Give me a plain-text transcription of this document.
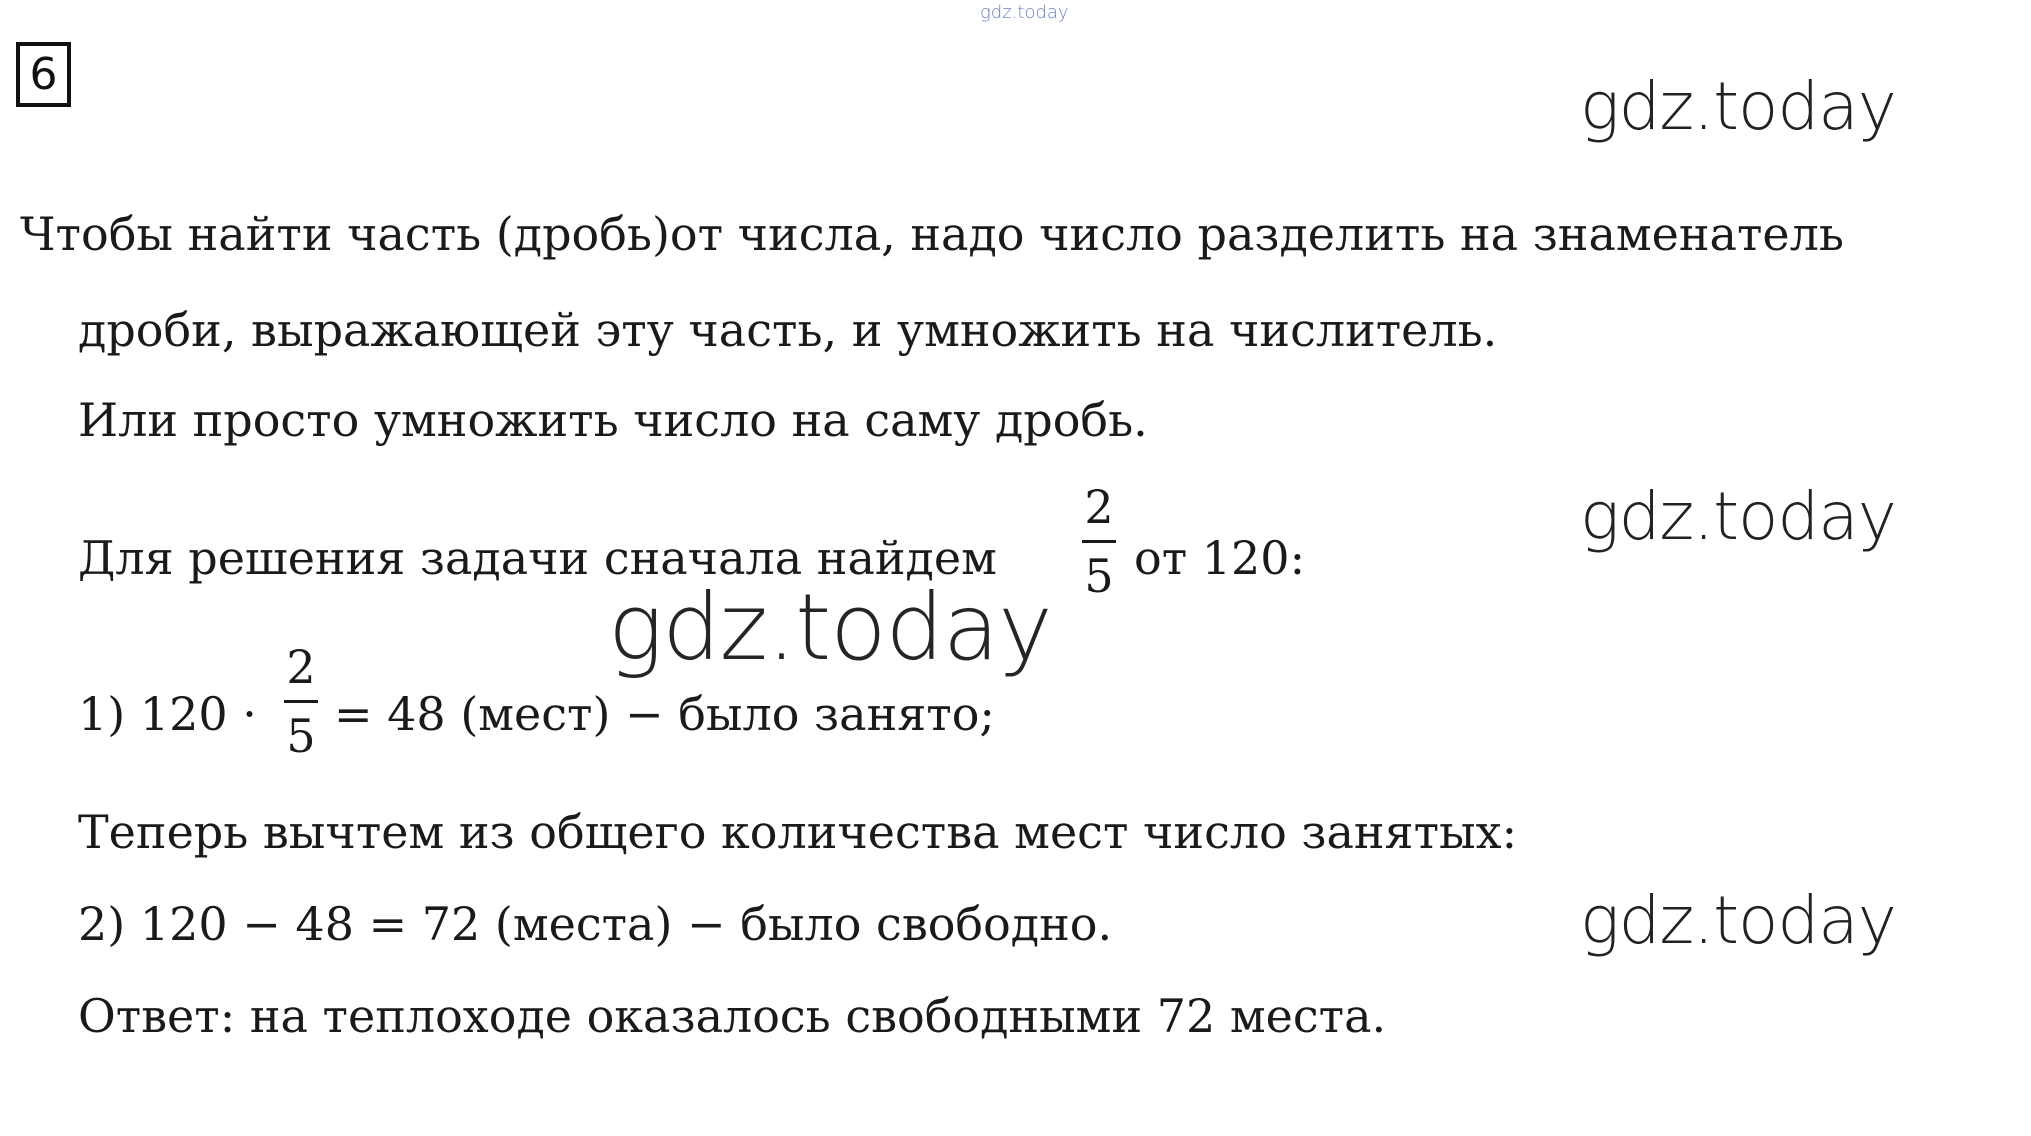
gdz.today
6	gdz.today
Чтобы найти часть (дробь)от числа, надо число разделить на знаменатель
дроби, выражающей эту часть, и умножить на числитель.
Или просто умножить число на саму дробь.
gdz.today
Для решения задачи сначала найдем
2
5 от 120:
gdz.today
1) 120 ·
2
5 = 48 (мест) − было занято;
Теперь вычтем из общего количества мест число занятых:
2) 120 − 48 = 72 (места) − было свободно.	gdz.today
Ответ: на теплоходе оказалось свободными 72 места.
